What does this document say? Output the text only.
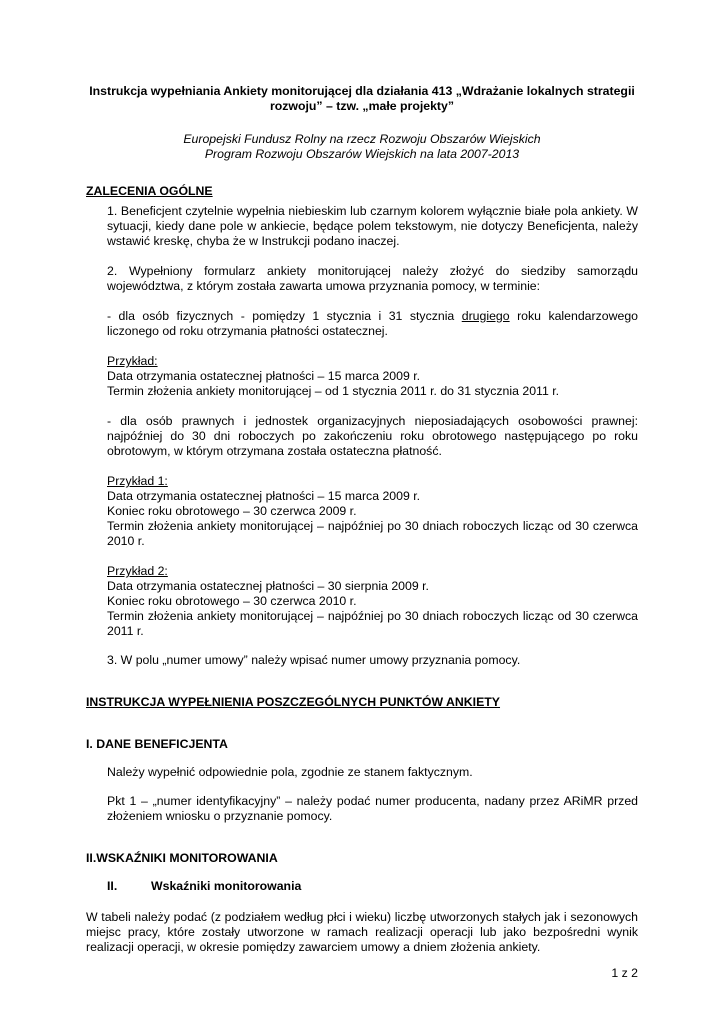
Instrukcja wypełniania Ankiety monitorującej dla działania 413 „Wdrażanie lokalnych strategii
rozwoju” – tzw. „małe projekty”

Europejski Fundusz Rolny na rzecz Rozwoju Obszarów Wiejskich
Program Rozwoju Obszarów Wiejskich na lata 2007-2013

ZALECENIA OGÓLNE

1. Beneficjent czytelnie wypełnia niebieskim lub czarnym kolorem wyłącznie białe pola ankiety. W sytuacji, kiedy dane pole w ankiecie, będące polem tekstowym, nie dotyczy Beneficjenta, należy wstawić kreskę, chyba że w Instrukcji podano inaczej.

2. Wypełniony formularz ankiety monitorującej należy złożyć do siedziby samorządu województwa, z którym została zawarta umowa przyznania pomocy, w terminie:

- dla osób fizycznych - pomiędzy 1 stycznia i 31 stycznia drugiego roku kalendarzowego liczonego od roku otrzymania płatności ostatecznej.

Przykład:
Data otrzymania ostatecznej płatności – 15 marca 2009 r.
Termin złożenia ankiety monitorującej – od 1 stycznia 2011 r. do 31 stycznia 2011 r.

- dla osób prawnych i jednostek organizacyjnych nieposiadających osobowości prawnej: najpóźniej do 30 dni roboczych po zakończeniu roku obrotowego następującego po roku obrotowym, w którym otrzymana została ostateczna płatność.

Przykład 1:
Data otrzymania ostatecznej płatności – 15 marca 2009 r.
Koniec roku obrotowego – 30 czerwca 2009 r.
Termin złożenia ankiety monitorującej – najpóźniej po 30 dniach roboczych licząc od 30 czerwca 2010 r.

Przykład 2:
Data otrzymania ostatecznej płatności – 30 sierpnia 2009 r.
Koniec roku obrotowego – 30 czerwca 2010 r.
Termin złożenia ankiety monitorującej – najpóźniej po 30 dniach roboczych licząc od 30 czerwca 2011 r.

3. W polu „numer umowy” należy wpisać numer umowy przyznania pomocy.

INSTRUKCJA WYPEŁNIENIA POSZCZEGÓLNYCH PUNKTÓW ANKIETY

I. DANE BENEFICJENTA

Należy wypełnić odpowiednie pola, zgodnie ze stanem faktycznym.

Pkt 1 – „numer identyfikacyjny” – należy podać numer producenta, nadany przez ARiMR przed złożeniem wniosku o przyznanie pomocy.

II.WSKAŹNIKI MONITOROWANIA

II.	Wskaźniki monitorowania

W tabeli należy podać (z podziałem według płci i wieku) liczbę utworzonych stałych jak i sezonowych miejsc pracy, które zostały utworzone w ramach realizacji operacji lub jako bezpośredni wynik realizacji operacji, w okresie pomiędzy zawarciem umowy a dniem złożenia ankiety.

1 z 2
